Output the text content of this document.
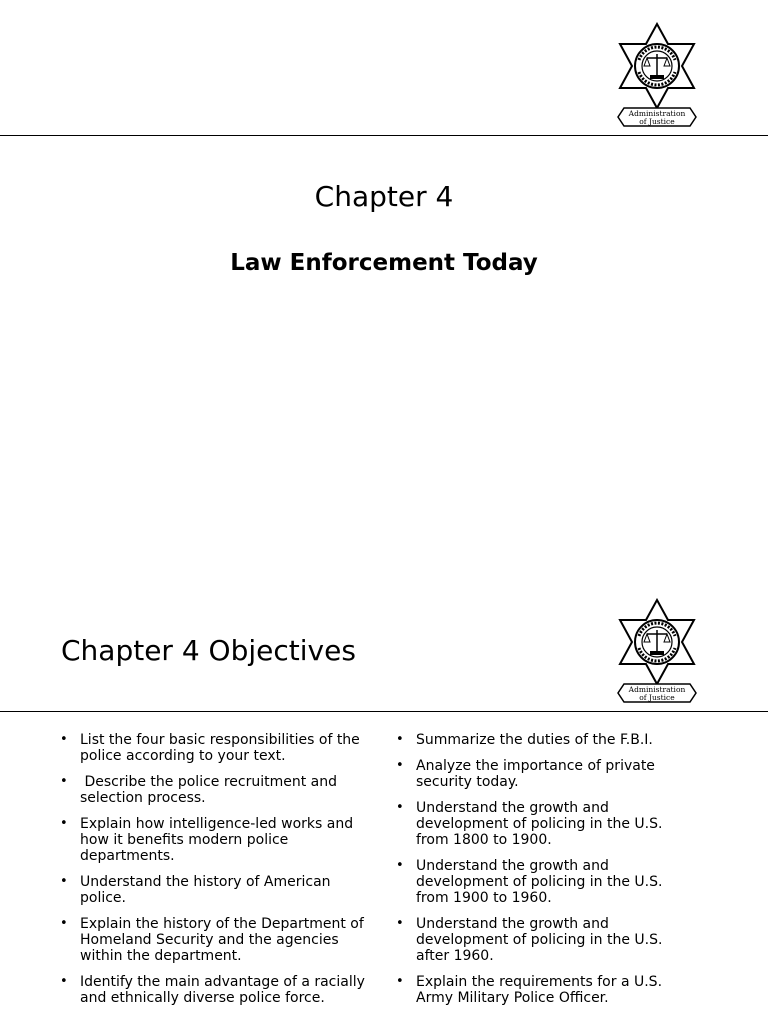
Administration
of Justice
Chapter 4
Law Enforcement Today
Administration
of Justice
Chapter 4 Objectives
• List the four basic responsibilities of the police according to your text.
•  Describe the police recruitment and selection process.
• Explain how intelligence-led works and how it benefits modern police departments.
• Understand the history of American police.
• Explain the history of the Department of Homeland Security and the agencies within the department.
• Identify the main advantage of a racially and ethnically diverse police force.
• Summarize the duties of the F.B.I.
• Analyze the importance of private security today.
• Understand the growth and development of policing in the U.S. from 1800 to 1900.
• Understand the growth and development of policing in the U.S. from 1900 to 1960.
• Understand the growth and development of policing in the U.S. after 1960.
• Explain the requirements for a U.S. Army Military Police Officer.
